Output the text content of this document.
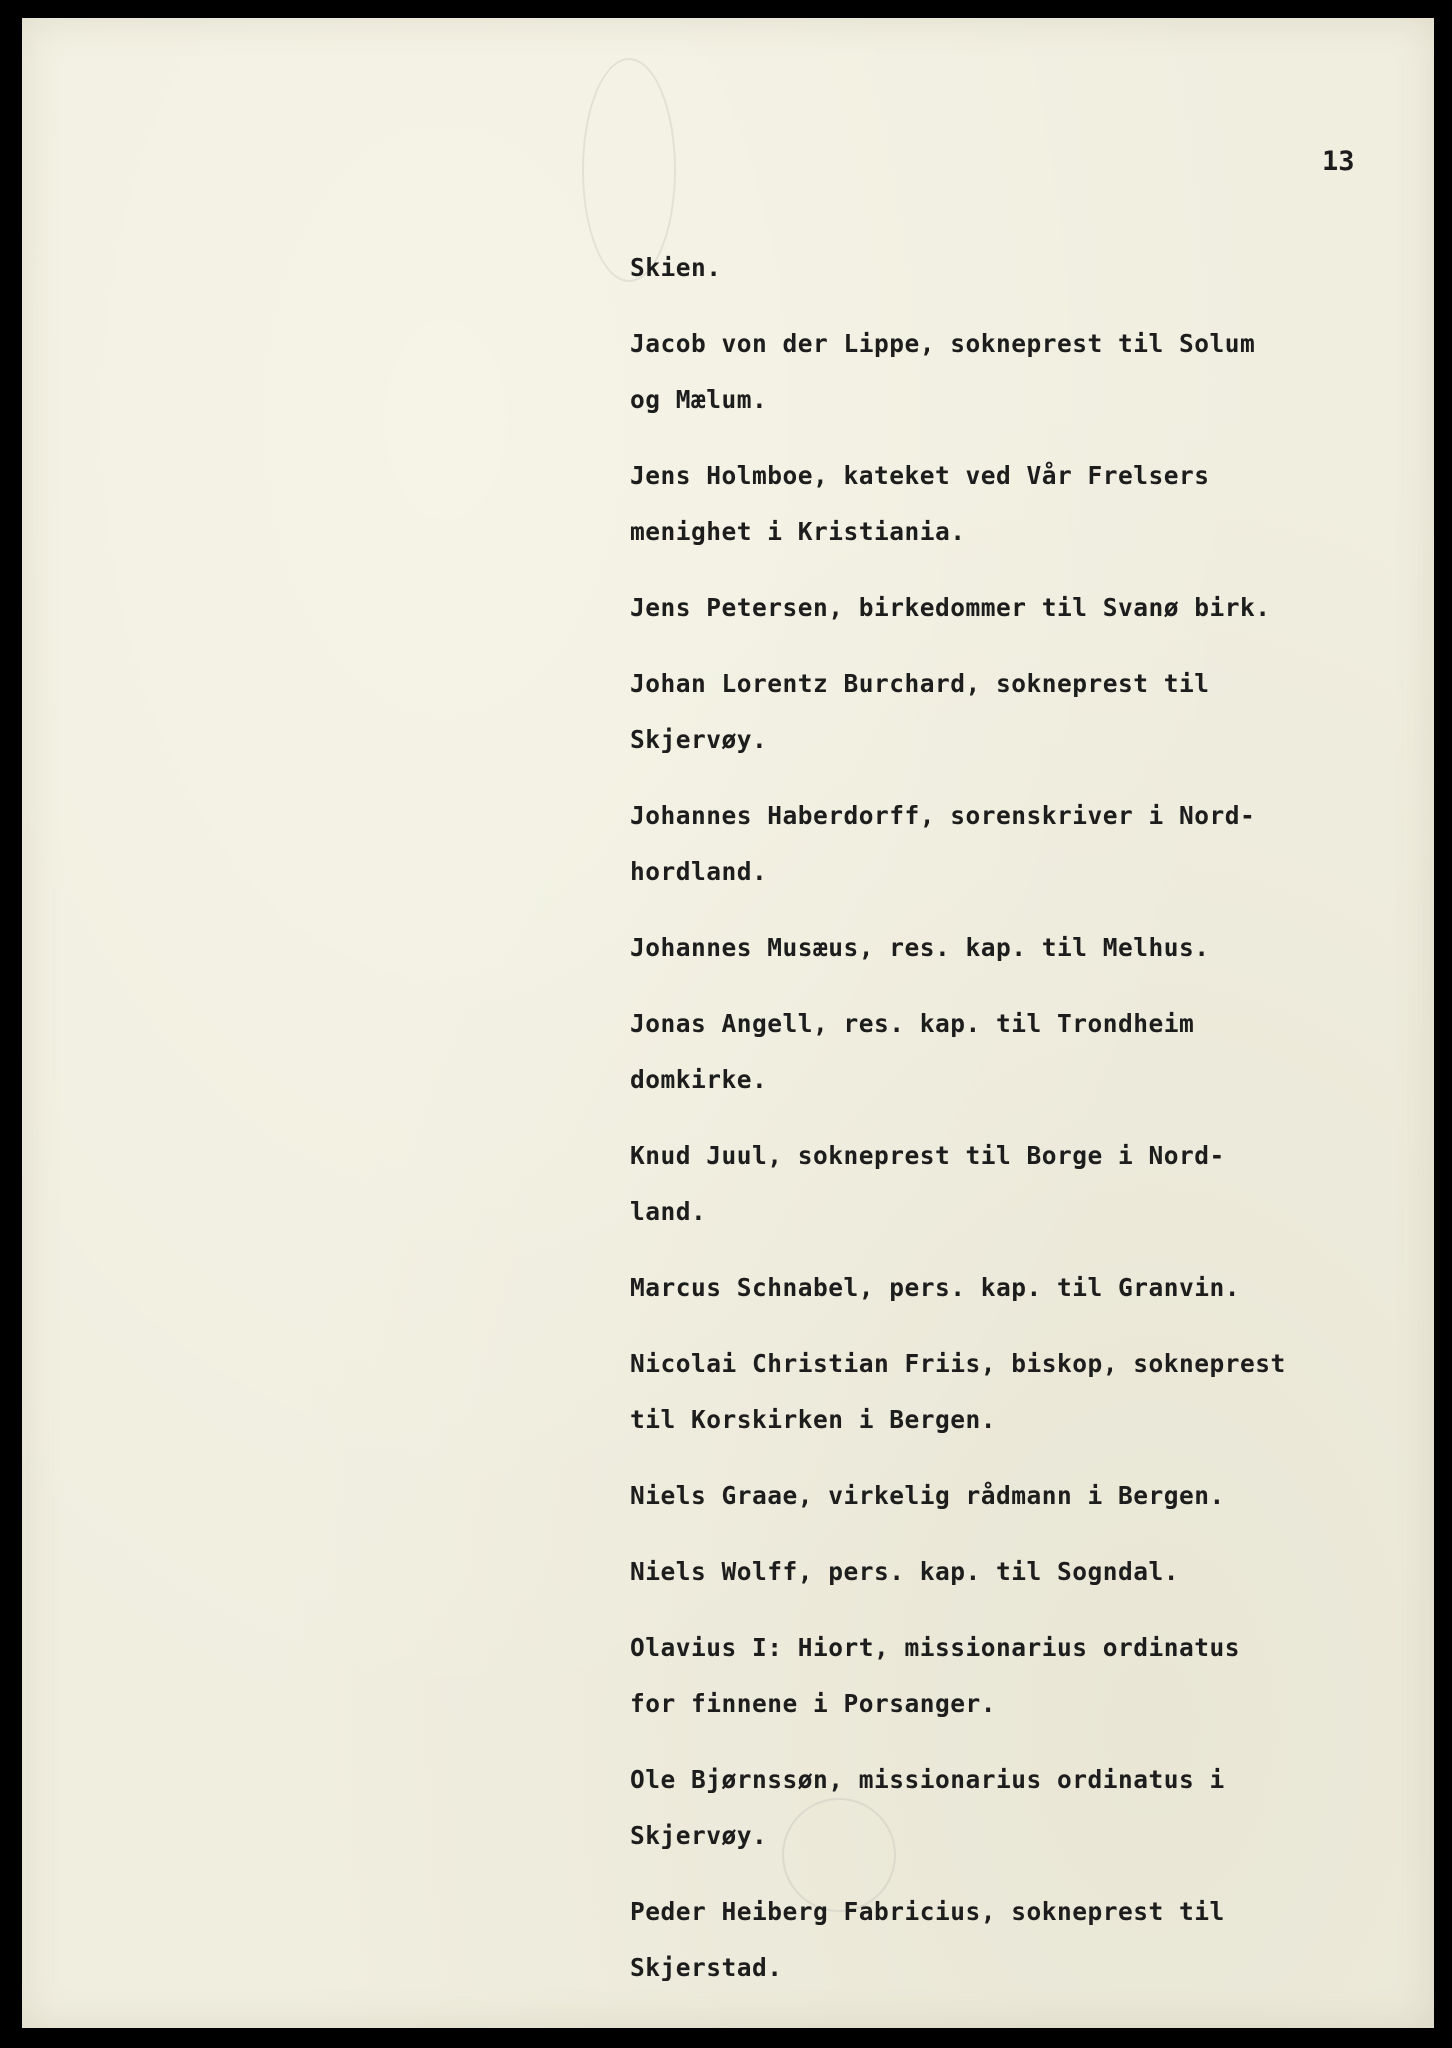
13
Skien.
Jacob von der Lippe, sokneprest til Solum
og Mælum.
Jens Holmboe, kateket ved Vår Frelsers
menighet i Kristiania.
Jens Petersen, birkedommer til Svanø birk.
Johan Lorentz Burchard, sokneprest til
Skjervøy.
Johannes Haberdorff, sorenskriver i Nord-
hordland.
Johannes Musæus, res. kap. til Melhus.
Jonas Angell, res. kap. til Trondheim
domkirke.
Knud Juul, sokneprest til Borge i Nord-
land.
Marcus Schnabel, pers. kap. til Granvin.
Nicolai Christian Friis, biskop, sokneprest
til Korskirken i Bergen.
Niels Graae, virkelig rådmann i Bergen.
Niels Wolff, pers. kap. til Sogndal.
Olavius I: Hiort, missionarius ordinatus
for finnene i Porsanger.
Ole Bjørnssøn, missionarius ordinatus i
Skjervøy.
Peder Heiberg Fabricius, sokneprest til
Skjerstad.
